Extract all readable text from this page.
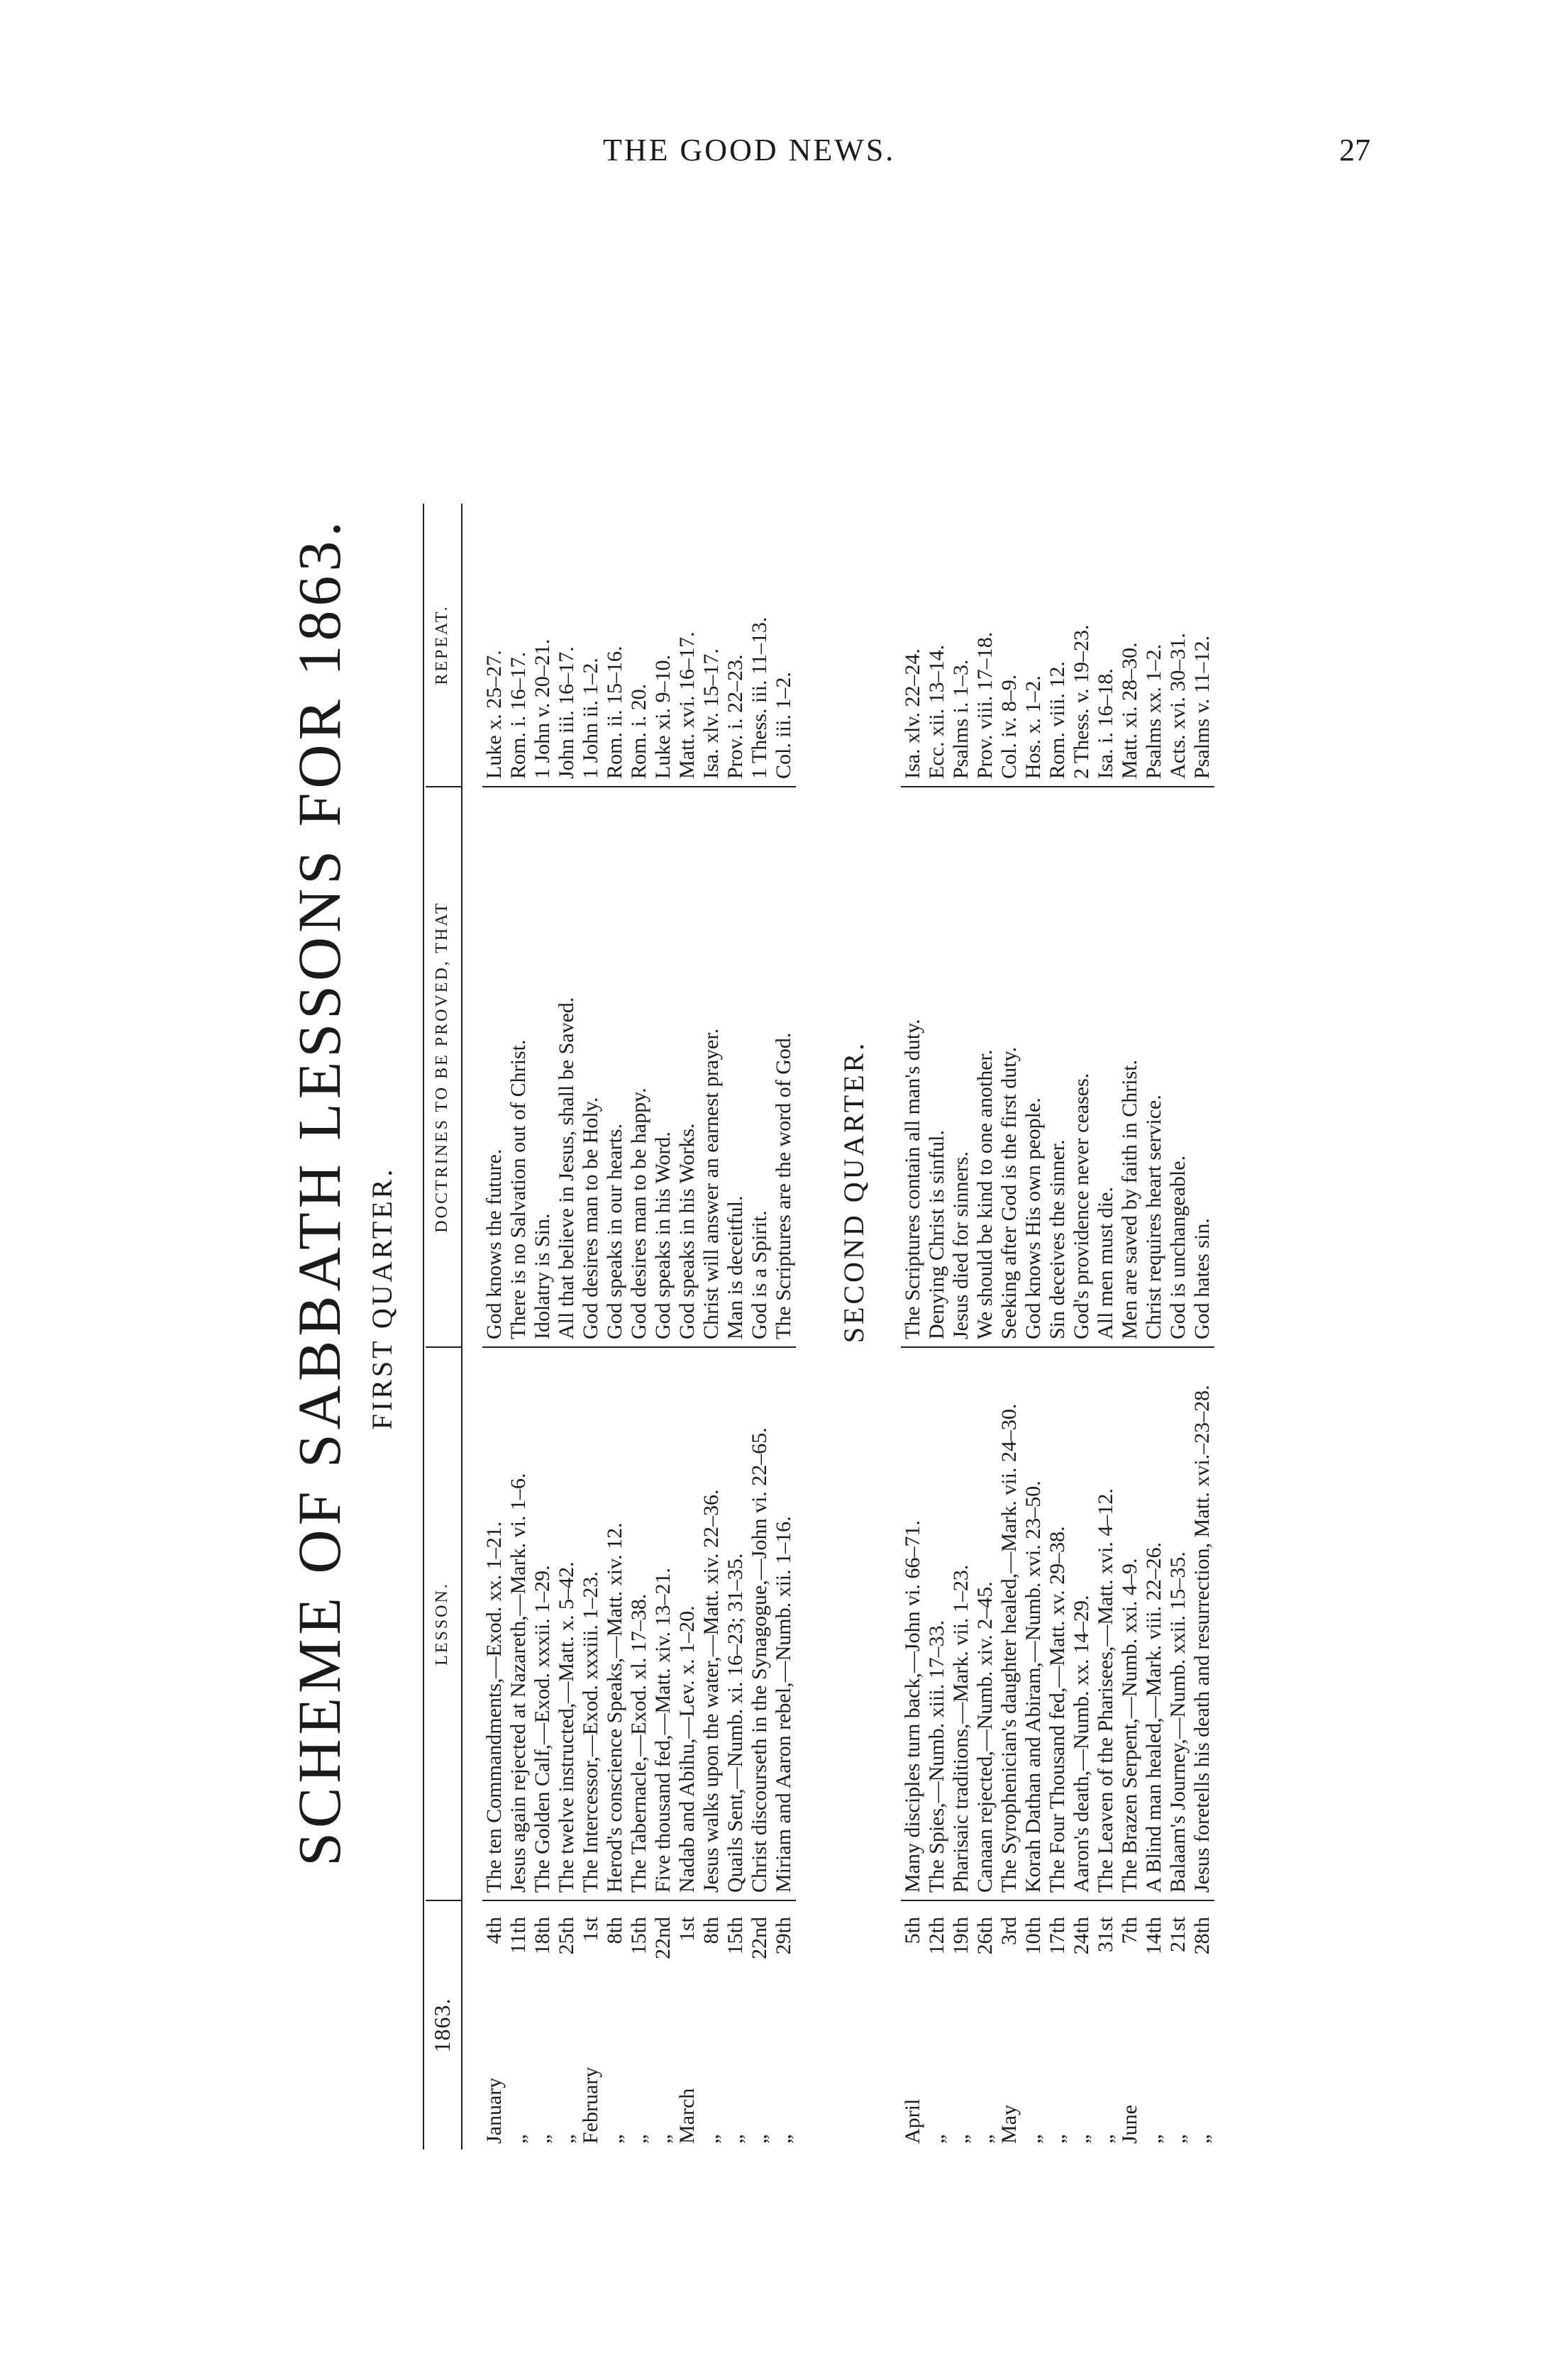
THE GOOD NEWS.	27
SCHEME OF SABBATH LESSONS FOR 1863. FIRST QUARTER.
1863.
LESSON.
DOCTRINES TO BE PROVED, THAT
REPEAT.
January4th
The ten Commandments,—Exod. xx. 1–21.
God knows the future.
Luke x. 25–27.
„11th
Jesus again rejected at Nazareth,—Mark. vi. 1–6.
There is no Salvation out of Christ.
Rom. i. 16–17.
„18th
The Golden Calf,—Exod. xxxii. 1–29.
Idolatry is Sin.
1 John v. 20–21.
„25th
The twelve instructed,—Matt. x. 5–42.
All that believe in Jesus, shall be Saved.
John iii. 16–17.
February1st
The Intercessor,—Exod. xxxiii. 1–23.
God desires man to be Holy.
1 John ii. 1–2.
„8th
Herod's conscience Speaks,—Matt. xiv. 12.
God speaks in our hearts.
Rom. ii. 15–16.
„15th
The Tabernacle,—Exod. xl. 17–38.
God desires man to be happy.
Rom. i. 20.
„22nd
Five thousand fed,—Matt. xiv. 13–21.
God speaks in his Word.
Luke xi. 9–10.
March1st
Nadab and Abihu,—Lev. x. 1–20.
God speaks in his Works.
Matt. xvi. 16–17.
„8th
Jesus walks upon the water,—Matt. xiv. 22–36.
Christ will answer an earnest prayer.
Isa. xlv. 15–17.
„15th
Quails Sent,—Numb. xi. 16–23; 31–35.
Man is deceitful.
Prov. i. 22–23.
„22nd
Christ discourseth in the Synagogue,—John vi. 22–65.
God is a Spirit.
1 Thess. iii. 11–13.
„29th
Miriam and Aaron rebel,—Numb. xii. 1–16.
The Scriptures are the word of God.
Col. iii. 1–2.
SECOND QUARTER.
April5th
Many disciples turn back,—John vi. 66–71.
The Scriptures contain all man's duty.
Isa. xlv. 22–24.
„12th
The Spies,—Numb. xiii. 17–33.
Denying Christ is sinful.
Ecc. xii. 13–14.
„19th
Pharisaic traditions,—Mark. vii. 1–23.
Jesus died for sinners.
Psalms i. 1–3.
„26th
Canaan rejected,—Numb. xiv. 2–45.
We should be kind to one another.
Prov. viii. 17–18.
May3rd
The Syrophenician's daughter healed,—Mark. vii. 24–30.
Seeking after God is the first duty.
Col. iv. 8–9.
„10th
Korah Dathan and Abiram,—Numb. xvi. 23–50.
God knows His own people.
Hos. x. 1–2.
„17th
The Four Thousand fed,—Matt. xv. 29–38.
Sin deceives the sinner.
Rom. viii. 12.
„24th
Aaron's death,—Numb. xx. 14–29.
God's providence never ceases.
2 Thess. v. 19–23.
„31st
The Leaven of the Pharisees,—Matt. xvi. 4–12.
All men must die.
Isa. i. 16–18.
June7th
The Brazen Serpent,—Numb. xxi. 4–9.
Men are saved by faith in Christ.
Matt. xi. 28–30.
„14th
A Blind man healed,—Mark. viii. 22–26.
Christ requires heart service.
Psalms xx. 1–2.
„21st
Balaam's Journey,—Numb. xxii. 15–35.
God is unchangeable.
Acts. xvi. 30–31.
„28th
Jesus foretells his death and resurrection, Matt. xvi.–23–28.
God hates sin.
Psalms v. 11–12.
